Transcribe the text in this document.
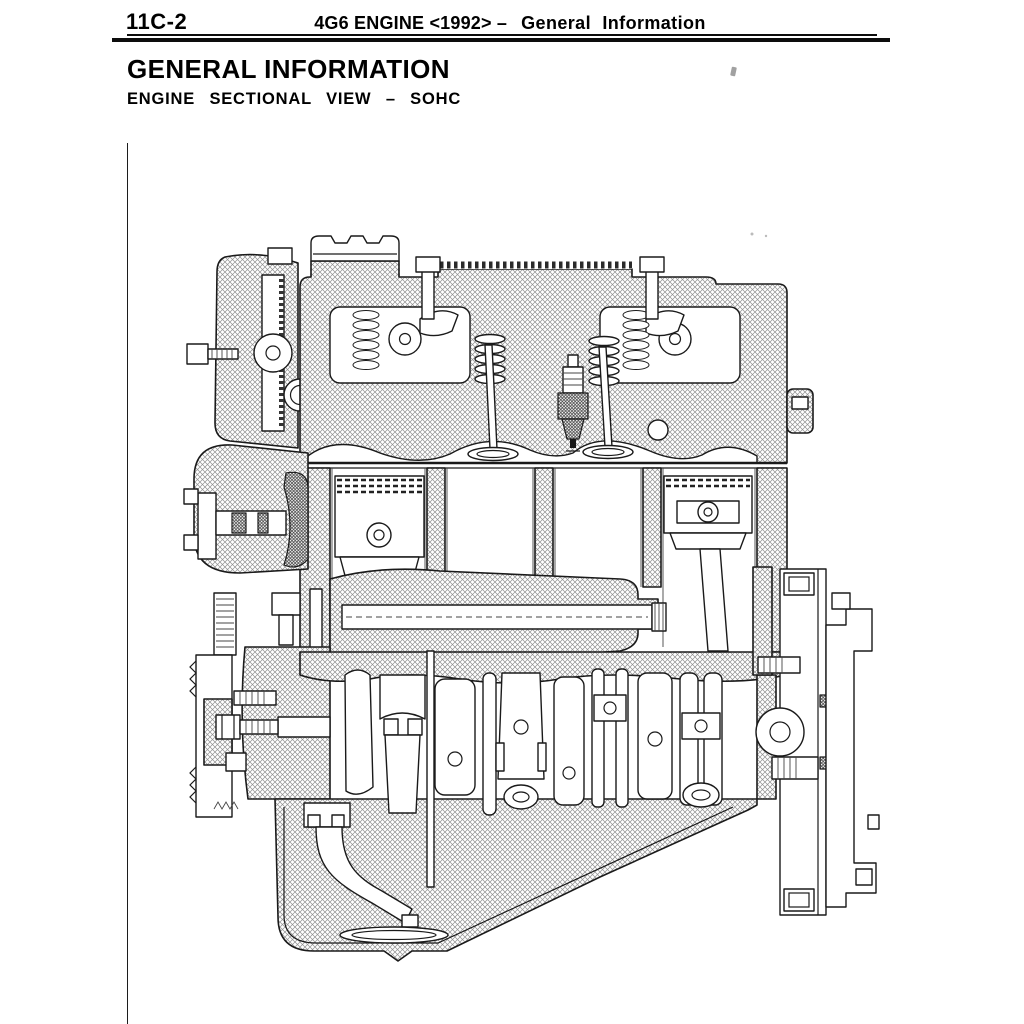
11C-2	4G6 ENGINE <1992> – General Information
GENERAL INFORMATION
ENGINE SECTIONAL VIEW – SOHC
